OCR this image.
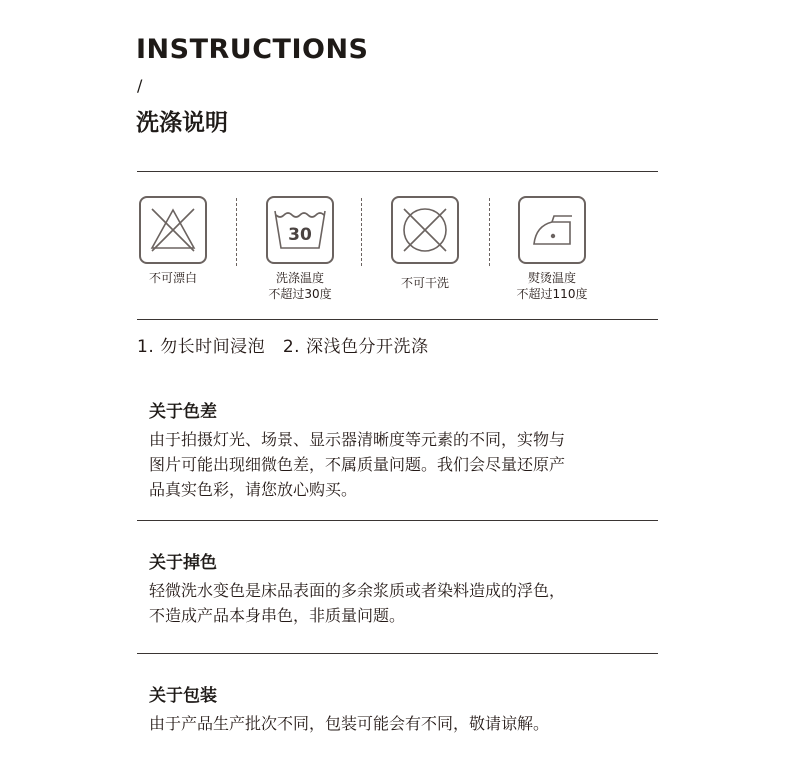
INSTRUCTIONS
/
洗涤说明
30
不可漂白	洗涤温度
不超过30度
不可干洗	熨烫温度
不超过110度
1. 勿长时间浸泡   2. 深浅色分开洗涤
关于色差
由于拍摄灯光、场景、显示器清晰度等元素的不同，实物与
图片可能出现细微色差，不属质量问题。我们会尽量还原产
品真实色彩，请您放心购买。
关于掉色
轻微洗水变色是床品表面的多余浆质或者染料造成的浮色，
不造成产品本身串色，非质量问题。
关于包装
由于产品生产批次不同，包装可能会有不同，敬请谅解。
